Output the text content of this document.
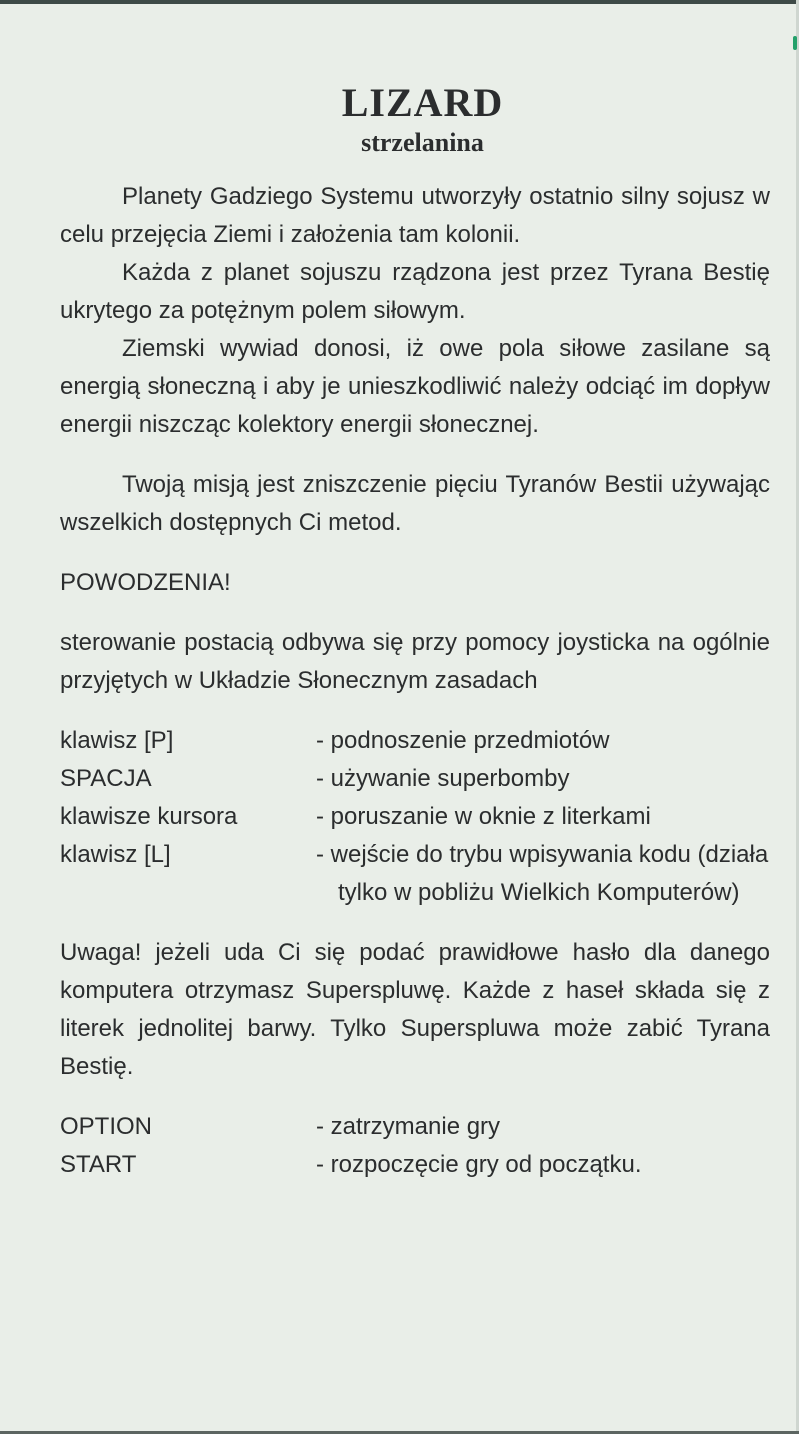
LIZARD
strzelanina

Planety Gadziego Systemu utworzyły ostatnio silny sojusz w celu przejęcia Ziemi i założenia tam kolonii.

Każda z planet sojuszu rządzona jest przez Tyrana Bestię ukrytego za potężnym polem siłowym.

Ziemski wywiad donosi, iż owe pola siłowe zasilane są energią słoneczną i aby je unieszkodliwić należy odciąć im dopływ energii niszcząc kolektory energii słonecznej.

Twoją misją jest zniszczenie pięciu Tyranów Bestii używając wszelkich dostępnych Ci metod.

POWODZENIA!

sterowanie postacią odbywa się przy pomocy joysticka na ogólnie przyjętych w Układzie Słonecznym zasadach

klawisz [P]	- podnoszenie przedmiotów
SPACJA	- używanie superbomby
klawisze kursora	- poruszanie w oknie z literkami
klawisz [L]	- wejście do trybu wpisywania kodu (działa tylko w pobliżu Wielkich Komputerów)

Uwaga! jeżeli uda Ci się podać prawidłowe hasło dla danego komputera otrzymasz Superspluwę. Każde z haseł składa się z literek jednolitej barwy. Tylko Superspluwa może zabić Tyrana Bestię.

OPTION	- zatrzymanie gry
START	- rozpoczęcie gry od początku.
